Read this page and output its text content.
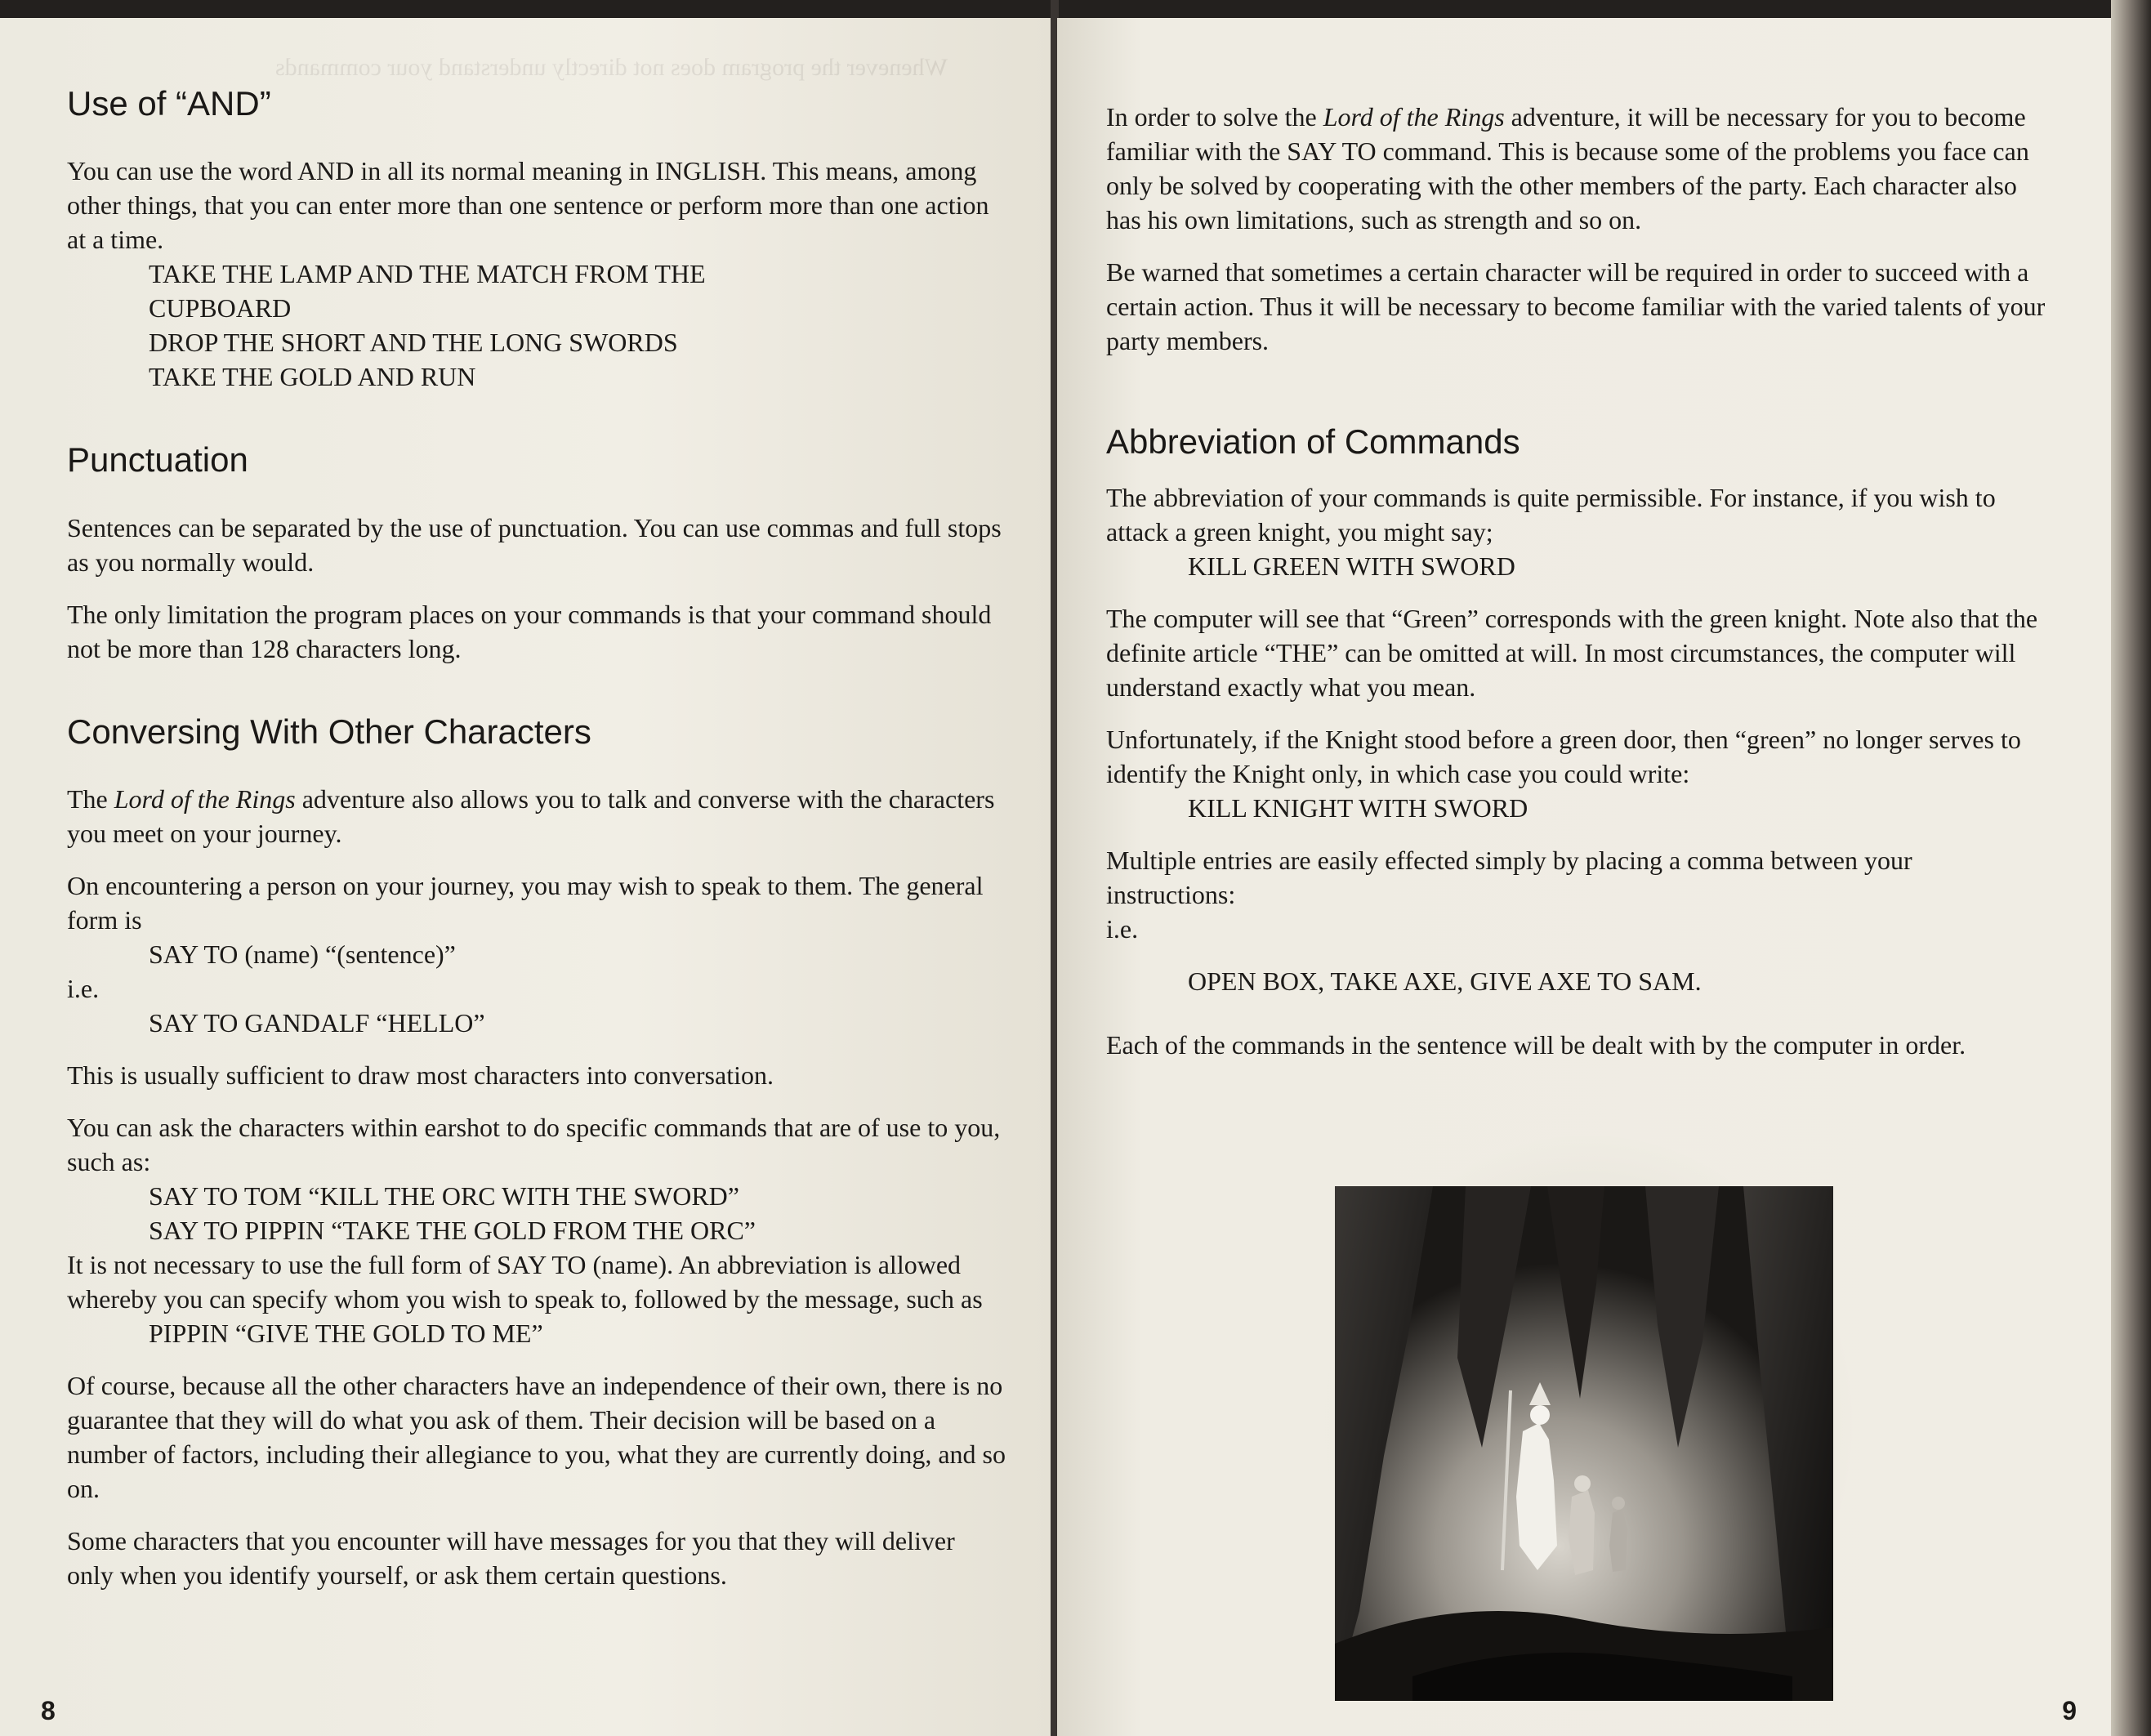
Whenever the program does not directly understand your commands
Use of “AND”

You can use the word AND in all its normal meaning in INGLISH. This means, among other things, that you can enter more than one sentence or perform more than one action at a time.

TAKE THE LAMP AND THE MATCH FROM THE
CUPBOARD
DROP THE SHORT AND THE LONG SWORDS
TAKE THE GOLD AND RUN
Punctuation

Sentences can be separated by the use of punctuation. You can use commas and full stops as you normally would.

The only limitation the program places on your commands is that your command should not be more than 128 characters long.

Conversing With Other Characters

The Lord of the Rings adventure also allows you to talk and converse with the characters you meet on your journey.

On encountering a person on your journey, you may wish to speak to them. The general form is

SAY TO (name) “(sentence)”

i.e.

SAY TO GANDALF “HELLO”

This is usually sufficient to draw most characters into conversation.

You can ask the characters within earshot to do specific commands that are of use to you, such as:

SAY TO TOM “KILL THE ORC WITH THE SWORD”
SAY TO PIPPIN “TAKE THE GOLD FROM THE ORC”

It is not necessary to use the full form of SAY TO (name). An abbreviation is allowed whereby you can specify whom you wish to speak to, followed by the message, such as

PIPPIN “GIVE THE GOLD TO ME”

Of course, because all the other characters have an independence of their own, there is no guarantee that they will do what you ask of them. Their decision will be based on a number of factors, including their allegiance to you, what they are currently doing, and so on.

Some characters that you encounter will have messages for you that they will deliver only when you identify yourself, or ask them certain questions.

8

In order to solve the Lord of the Rings adventure, it will be necessary for you to become familiar with the SAY TO command. This is because some of the problems you face can only be solved by cooperating with the other members of the party. Each character also has his own limitations, such as strength and so on.

Be warned that sometimes a certain character will be required in order to succeed with a certain action. Thus it will be necessary to become familiar with the varied talents of your party members.

Abbreviation of Commands

The abbreviation of your commands is quite permissible. For instance, if you wish to attack a green knight, you might say;

KILL GREEN WITH SWORD

The computer will see that “Green” corresponds with the green knight. Note also that the definite article “THE” can be omitted at will. In most circumstances, the computer will understand exactly what you mean.

Unfortunately, if the Knight stood before a green door, then “green” no longer serves to identify the Knight only, in which case you could write:

KILL KNIGHT WITH SWORD

Multiple entries are easily effected simply by placing a comma between your instructions:

i.e.

OPEN BOX, TAKE AXE, GIVE AXE TO SAM.

Each of the commands in the sentence will be dealt with by the computer in order.

9
